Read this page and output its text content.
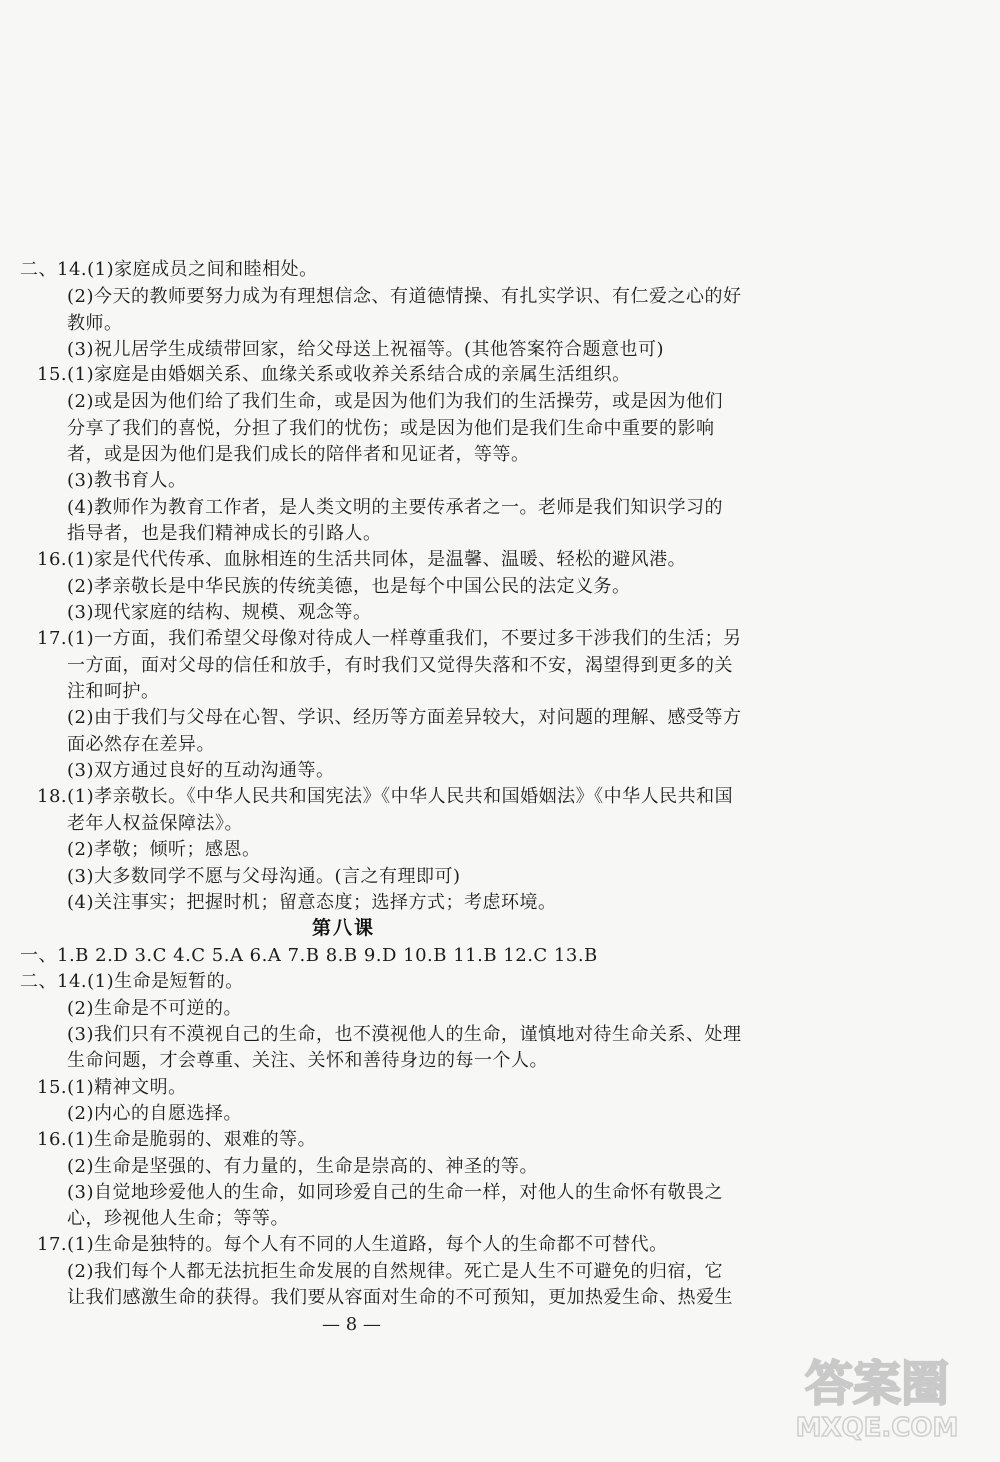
二、14.(1)家庭成员之间和睦相处。
(2)今天的教师要努力成为有理想信念、有道德情操、有扎实学识、有仁爱之心的好
教师。
(3)祝儿居学生成绩带回家，给父母送上祝福等。(其他答案符合题意也可)
15.(1)家庭是由婚姻关系、血缘关系或收养关系结合成的亲属生活组织。
(2)或是因为他们给了我们生命，或是因为他们为我们的生活操劳，或是因为他们
分享了我们的喜悦，分担了我们的忧伤；或是因为他们是我们生命中重要的影响
者，或是因为他们是我们成长的陪伴者和见证者，等等。
(3)教书育人。
(4)教师作为教育工作者，是人类文明的主要传承者之一。老师是我们知识学习的
指导者，也是我们精神成长的引路人。
16.(1)家是代代传承、血脉相连的生活共同体，是温馨、温暖、轻松的避风港。
(2)孝亲敬长是中华民族的传统美德，也是每个中国公民的法定义务。
(3)现代家庭的结构、规模、观念等。
17.(1)一方面，我们希望父母像对待成人一样尊重我们，不要过多干涉我们的生活；另
一方面，面对父母的信任和放手，有时我们又觉得失落和不安，渴望得到更多的关
注和呵护。
(2)由于我们与父母在心智、学识、经历等方面差异较大，对问题的理解、感受等方
面必然存在差异。
(3)双方通过良好的互动沟通等。
18.(1)孝亲敬长。《中华人民共和国宪法》《中华人民共和国婚姻法》《中华人民共和国
老年人权益保障法》。
(2)孝敬；倾听；感恩。
(3)大多数同学不愿与父母沟通。(言之有理即可)
(4)关注事实；把握时机；留意态度；选择方式；考虑环境。
第八课
一、1.B 2.D 3.C 4.C 5.A 6.A 7.B 8.B 9.D 10.B 11.B 12.C 13.B
二、14.(1)生命是短暂的。
(2)生命是不可逆的。
(3)我们只有不漠视自己的生命，也不漠视他人的生命，谨慎地对待生命关系、处理
生命问题，才会尊重、关注、关怀和善待身边的每一个人。
15.(1)精神文明。
(2)内心的自愿选择。
16.(1)生命是脆弱的、艰难的等。
(2)生命是坚强的、有力量的，生命是崇高的、神圣的等。
(3)自觉地珍爱他人的生命，如同珍爱自己的生命一样，对他人的生命怀有敬畏之
心，珍视他人生命；等等。
17.(1)生命是独特的。每个人有不同的人生道路，每个人的生命都不可替代。
(2)我们每个人都无法抗拒生命发展的自然规律。死亡是人生不可避免的归宿，它
让我们感激生命的获得。我们要从容面对生命的不可预知，更加热爱生命、热爱生
— 8 —
答案圈
MXQE.COM
